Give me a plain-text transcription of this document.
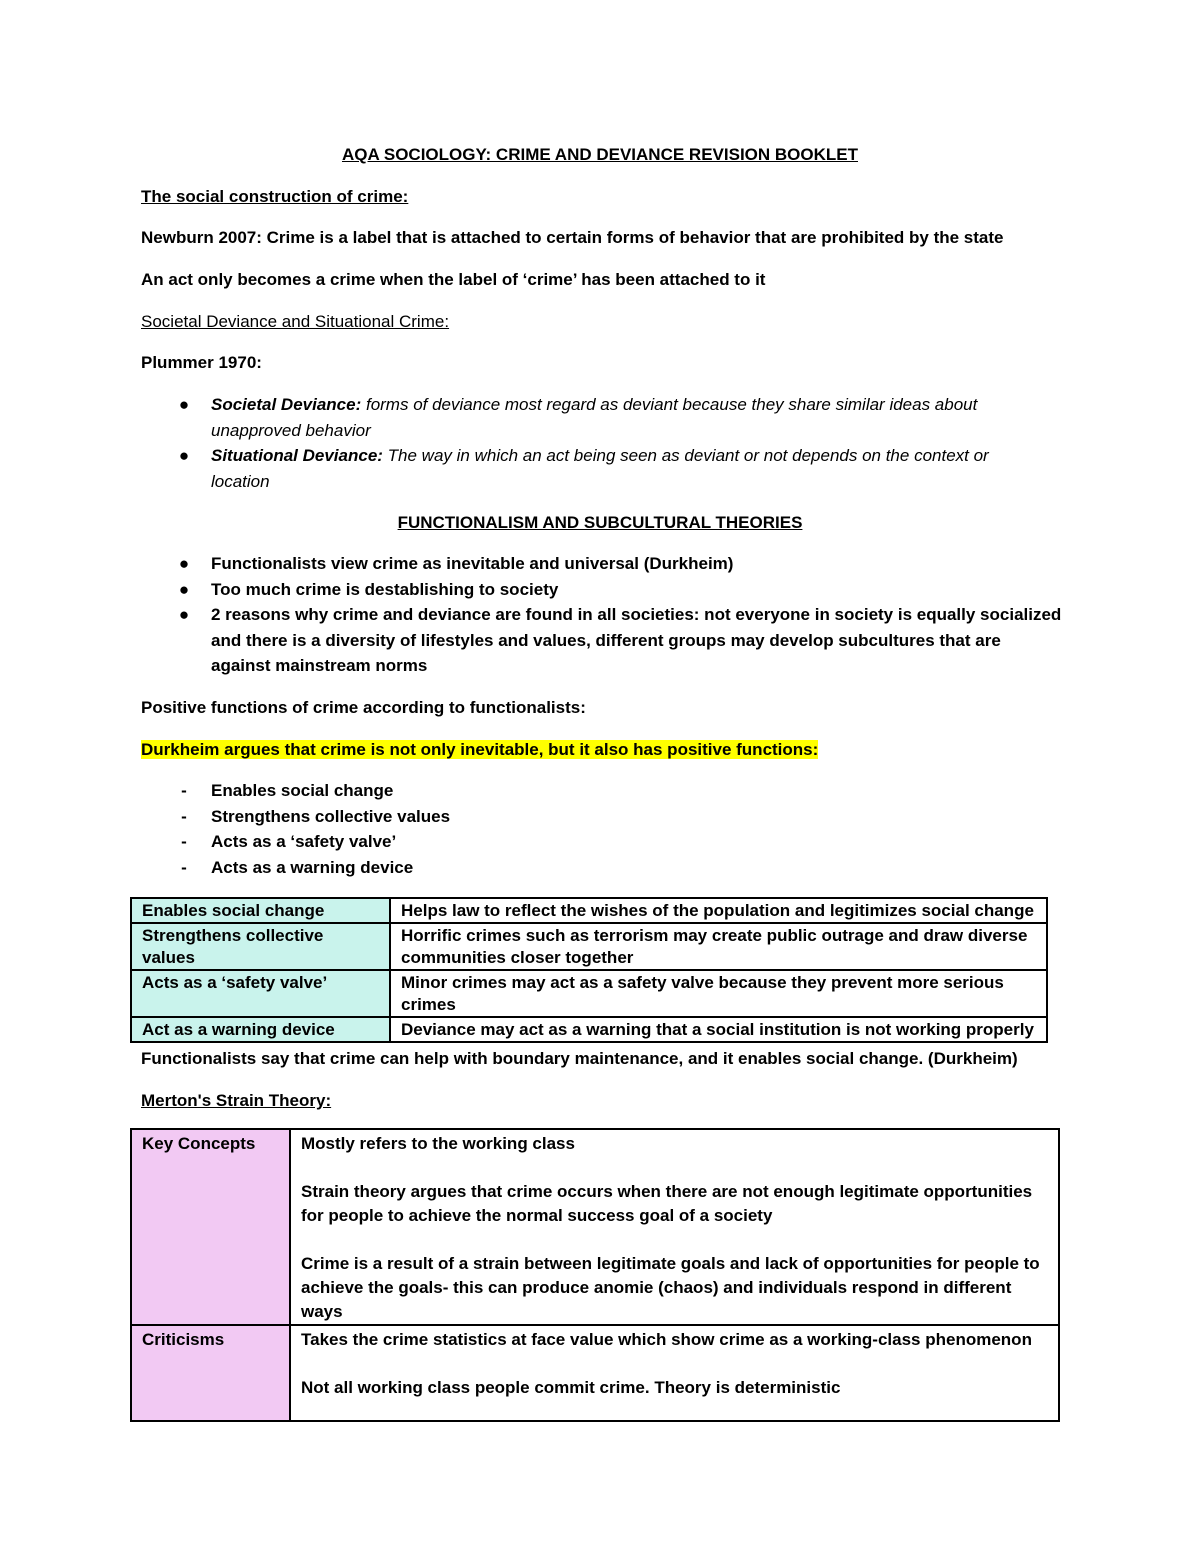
AQA SOCIOLOGY: CRIME AND DEVIANCE REVISION BOOKLET
The social construction of crime:
Newburn 2007: Crime is a label that is attached to certain forms of behavior that are prohibited by the state
An act only becomes a crime when the label of ‘crime’ has been attached to it
Societal Deviance and Situational Crime:
Plummer 1970:
● Societal Deviance: forms of deviance most regard as deviant because they share similar ideas about
unapproved behavior
● Situational Deviance: The way in which an act being seen as deviant or not depends on the context or
location
FUNCTIONALISM AND SUBCULTURAL THEORIES
● Functionalists view crime as inevitable and universal (Durkheim)
● Too much crime is destablishing to society
● 2 reasons why crime and deviance are found in all societies: not everyone in society is equally socialized
and there is a diversity of lifestyles and values, different groups may develop subcultures that are
against mainstream norms
Positive functions of crime according to functionalists:
Durkheim argues that crime is not only inevitable, but it also has positive functions:
-	Enables social change
-	Strengthens collective values
-	Acts as a ‘safety valve’
-	Acts as a warning device
Enables social change	Helps law to reflect the wishes of the population and legitimizes social change
Strengthens collective values	Horrific crimes such as terrorism may create public outrage and draw diverse communities closer together
Acts as a ‘safety valve’	Minor crimes may act as a safety valve because they prevent more serious crimes
Act as a warning device	Deviance may act as a warning that a social institution is not working properly
Functionalists say that crime can help with boundary maintenance, and it enables social change. (Durkheim)
Merton's Strain Theory:
Key Concepts	Mostly refers to the working class
Strain theory argues that crime occurs when there are not enough legitimate opportunities for people to achieve the normal success goal of a society
Crime is a result of a strain between legitimate goals and lack of opportunities for people to achieve the goals- this can produce anomie (chaos) and individuals respond in different ways

Criticisms	Takes the crime statistics at face value which show crime as a working-class phenomenon
Not all working class people commit crime. Theory is deterministic
